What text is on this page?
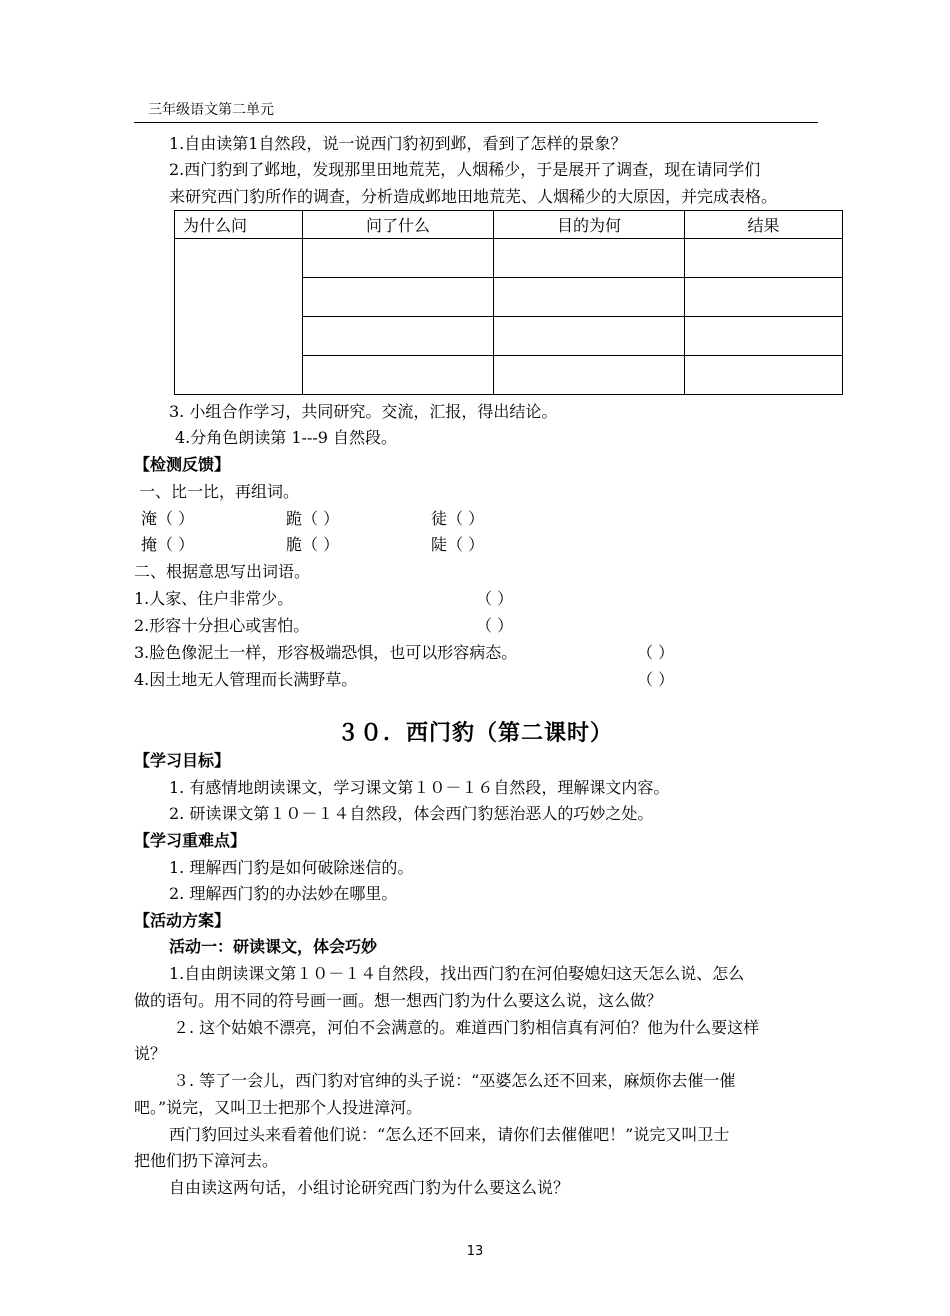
三年级语文第二单元
1.自由读第1自然段，说一说西门豹初到邺，看到了怎样的景象？
2.西门豹到了邺地，发现那里田地荒芜，人烟稀少，于是展开了调查，现在请同学们
来研究西门豹所作的调查，分析造成邺地田地荒芜、人烟稀少的大原因，并完成表格。
为什么问	问了什么	目的为何	结果

3. 小组合作学习，共同研究。交流，汇报，得出结论。
4.分角色朗读第 1---9 自然段。
【检测反馈】
一、比一比，再组词。
淹（ ）	跪（ ）	徒（ ）
掩（ ）	脆（ ）	陡（ ）
二、根据意思写出词语。
1.人家、住户非常少。	（ ）
2.形容十分担心或害怕。	（ ）
3.脸色像泥土一样，形容极端恐惧，也可以形容病态。	（ ）
4.因土地无人管理而长满野草。	（ ）
３０．西门豹（第二课时）
【学习目标】
1. 有感情地朗读课文，学习课文第１０－１６自然段，理解课文内容。
2. 研读课文第１０－１４自然段，体会西门豹惩治恶人的巧妙之处。
【学习重难点】
1. 理解西门豹是如何破除迷信的。
2. 理解西门豹的办法妙在哪里。
【活动方案】
活动一：研读课文，体会巧妙
1.自由朗读课文第１０－１４自然段，找出西门豹在河伯娶媳妇这天怎么说、怎么
做的语句。用不同的符号画一画。想一想西门豹为什么要这么说，这么做？
２. 这个姑娘不漂亮，河伯不会满意的。难道西门豹相信真有河伯？他为什么要这样
说？
３. 等了一会儿，西门豹对官绅的头子说：“巫婆怎么还不回来，麻烦你去催一催
吧。”说完，又叫卫士把那个人投进漳河。
西门豹回过头来看着他们说：“怎么还不回来，请你们去催催吧！”说完又叫卫士
把他们扔下漳河去。
自由读这两句话，小组讨论研究西门豹为什么要这么说？
13
